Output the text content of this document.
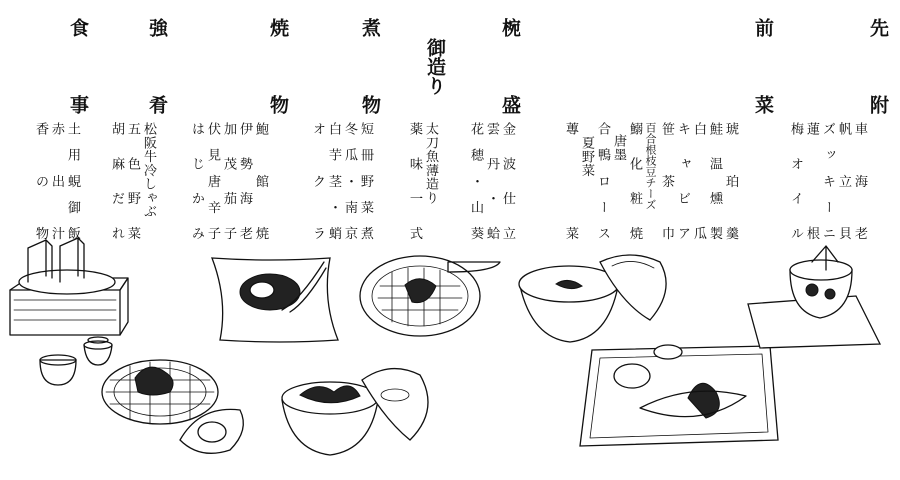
先附
前菜
椀盛
御造り
煮物
焼物
強肴
食事
車海老
帆立貝
ズッキーニ
蓮根
梅オイル
琥珀羹
鮭温燻製
白瓜
キャビア
笹茶巾
百合根枝豆チーズ
鰯化粧焼
唐墨
合鴨ロース
夏野菜
蓴菜
金波仕立
雲丹・蛤
花穂・山葵
太刀魚薄造り
薬味一式
短冊野菜煮
冬瓜・南京
白芋茎・蛸
オクラ
鮑館焼
伊勢海老
加茂茄子
伏見唐辛子
はじかみ
松阪牛冷しゃぶ
五色野菜
胡麻だれ
土用蜆御飯
赤出汁
香の物
